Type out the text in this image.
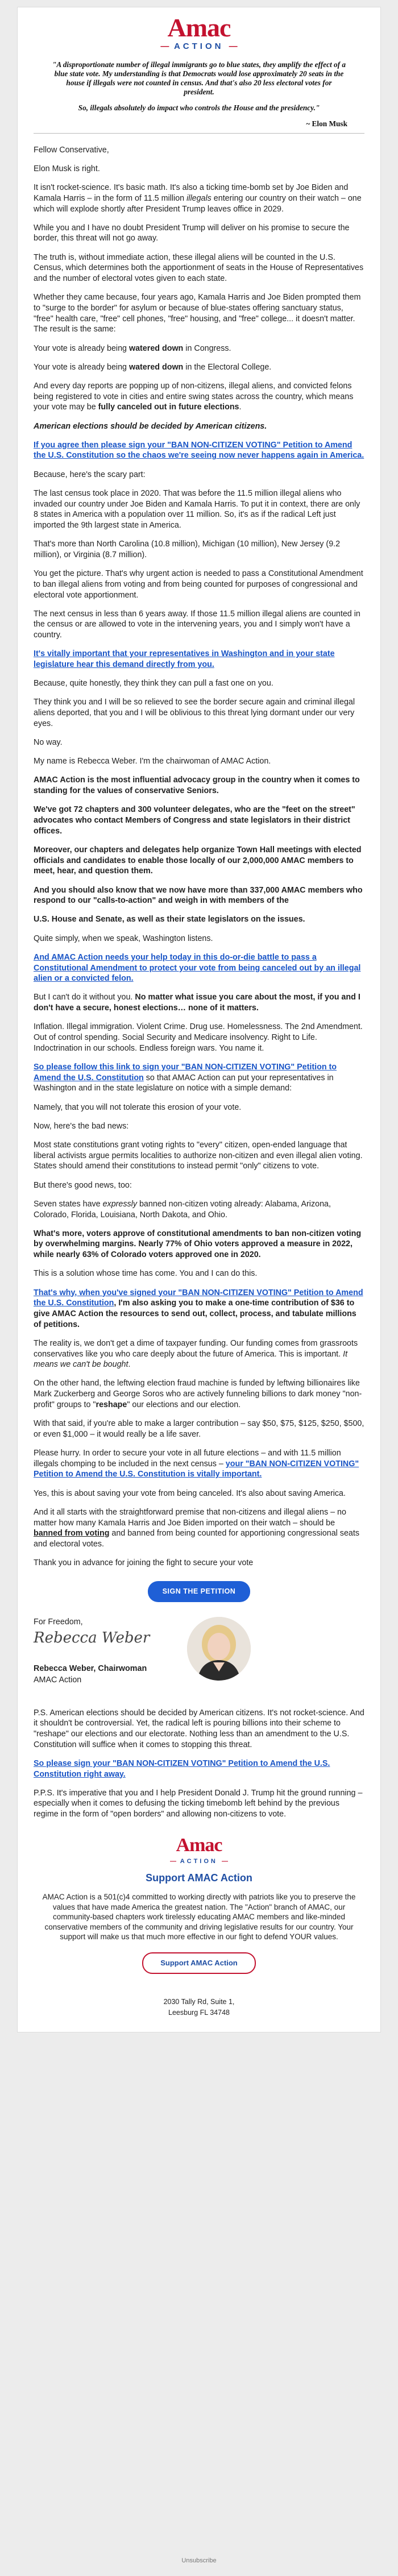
Amac
— ACTION —

"A disproportionate number of illegal immigrants go to blue states, they amplify the effect of a blue state vote. My understanding is that Democrats would lose approximately 20 seats in the house if illegals were not counted in census. And that's also 20 less electoral votes for president.

So, illegals absolutely do impact who controls the House and the presidency."

~ Elon Musk

Fellow Conservative,

Elon Musk is right.

It isn't rocket-science. It's basic math. It's also a ticking time-bomb set by Joe Biden and Kamala Harris – in the form of 11.5 million illegals entering our country on their watch – one which will explode shortly after President Trump leaves office in 2029.

While you and I have no doubt President Trump will deliver on his promise to secure the border, this threat will not go away.

The truth is, without immediate action, these illegal aliens will be counted in the U.S. Census, which determines both the apportionment of seats in the House of Representatives and the number of electoral votes given to each state.

Whether they came because, four years ago, Kamala Harris and Joe Biden prompted them to "surge to the border" for asylum or because of blue-states offering sanctuary status, "free" health care, "free" cell phones, "free" housing, and "free" college... it doesn't matter. The result is the same:

Your vote is already being watered down in Congress.

Your vote is already being watered down in the Electoral College.

And every day reports are popping up of non-citizens, illegal aliens, and convicted felons being registered to vote in cities and entire swing states across the country, which means your vote may be fully canceled out in future elections.

American elections should be decided by American citizens.

If you agree then please sign your "BAN NON-CITIZEN VOTING" Petition to Amend the U.S. Constitution so the chaos we're seeing now never happens again in America.

Because, here's the scary part:

The last census took place in 2020. That was before the 11.5 million illegal aliens who invaded our country under Joe Biden and Kamala Harris. To put it in context, there are only 8 states in America with a population over 11 million. So, it's as if the radical Left just imported the 9th largest state in America.

That's more than North Carolina (10.8 million), Michigan (10 million), New Jersey (9.2 million), or Virginia (8.7 million).

You get the picture. That's why urgent action is needed to pass a Constitutional Amendment to ban illegal aliens from voting and from being counted for purposes of congressional and electoral vote apportionment.

The next census in less than 6 years away. If those 11.5 million illegal aliens are counted in the census or are allowed to vote in the intervening years, you and I simply won't have a country.

It's vitally important that your representatives in Washington and in your state legislature hear this demand directly from you.

Because, quite honestly, they think they can pull a fast one on you.

They think you and I will be so relieved to see the border secure again and criminal illegal aliens deported, that you and I will be oblivious to this threat lying dormant under our very eyes.

No way.

My name is Rebecca Weber. I'm the chairwoman of AMAC Action.

AMAC Action is the most influential advocacy group in the country when it comes to standing for the values of conservative Seniors.

We've got 72 chapters and 300 volunteer delegates, who are the "feet on the street" advocates who contact Members of Congress and state legislators in their district offices.

Moreover, our chapters and delegates help organize Town Hall meetings with elected officials and candidates to enable those locally of our 2,000,000 AMAC members to meet, hear, and question them.

And you should also know that we now have more than 337,000 AMAC members who respond to our "calls-to-action" and weigh in with members of the

U.S. House and Senate, as well as their state legislators on the issues.

Quite simply, when we speak, Washington listens.

And AMAC Action needs your help today in this do-or-die battle to pass a Constitutional Amendment to protect your vote from being canceled out by an illegal alien or a convicted felon.

But I can't do it without you. No matter what issue you care about the most, if you and I don't have a secure, honest elections… none of it matters.

Inflation. Illegal immigration. Violent Crime. Drug use. Homelessness. The 2nd Amendment. Out of control spending. Social Security and Medicare insolvency. Right to Life. Indoctrination in our schools. Endless foreign wars. You name it.

So please follow this link to sign your "BAN NON-CITIZEN VOTING" Petition to Amend the U.S. Constitution so that AMAC Action can put your representatives in Washington and in the state legislature on notice with a simple demand:

Namely, that you will not tolerate this erosion of your vote.

Now, here's the bad news:

Most state constitutions grant voting rights to "every" citizen, open-ended language that liberal activists argue permits localities to authorize non-citizen and even illegal alien voting. States should amend their constitutions to instead permit "only" citizens to vote.

But there's good news, too:

Seven states have expressly banned non-citizen voting already: Alabama, Arizona, Colorado, Florida, Louisiana, North Dakota, and Ohio.

What's more, voters approve of constitutional amendments to ban non-citizen voting by overwhelming margins. Nearly 77% of Ohio voters approved a measure in 2022, while nearly 63% of Colorado voters approved one in 2020.

This is a solution whose time has come. You and I can do this.

That's why, when you've signed your "BAN NON-CITIZEN VOTING" Petition to Amend the U.S. Constitution, I'm also asking you to make a one-time contribution of $36 to give AMAC Action the resources to send out, collect, process, and tabulate millions of petitions.

The reality is, we don't get a dime of taxpayer funding. Our funding comes from grassroots conservatives like you who care deeply about the future of America. This is important. It means we can't be bought.

On the other hand, the leftwing election fraud machine is funded by leftwing billionaires like Mark Zuckerberg and George Soros who are actively funneling billions to dark money "non-profit" groups to "reshape" our elections and our election.

With that said, if you're able to make a larger contribution – say $50, $75, $125, $250, $500, or even $1,000 – it would really be a life saver.

Please hurry. In order to secure your vote in all future elections – and with 11.5 million illegals chomping to be included in the next census – your "BAN NON-CITIZEN VOTING" Petition to Amend the U.S. Constitution is vitally important.

Yes, this is about saving your vote from being canceled. It's also about saving America.

And it all starts with the straightforward premise that non-citizens and illegal aliens – no matter how many Kamala Harris and Joe Biden imported on their watch – should be banned from voting and banned from being counted for apportioning congressional seats and electoral votes.

Thank you in advance for joining the fight to secure your vote

SIGN THE PETITION
For Freedom,
Rebecca Weber
Rebecca Weber, Chairwoman
AMAC Action

P.S. American elections should be decided by American citizens. It's not rocket-science. And it shouldn't be controversial. Yet, the radical left is pouring billions into their scheme to "reshape" our elections and our electorate. Nothing less than an amendment to the U.S. Constitution will suffice when it comes to stopping this threat.

So please sign your "BAN NON-CITIZEN VOTING" Petition to Amend the U.S. Constitution right away.

P.P.S. It's imperative that you and I help President Donald J. Trump hit the ground running – especially when it comes to defusing the ticking timebomb left behind by the previous regime in the form of "open borders" and allowing non-citizens to vote.

Amac
— ACTION —
Support AMAC Action
AMAC Action is a 501(c)4 committed to working directly with patriots like you to preserve the values that have made America the greatest nation. The "Action" branch of AMAC, our community-based chapters work tirelessly educating AMAC members and like-minded conservative members of the community and driving legislative results for our country. Your support will make us that much more effective in our fight to defend YOUR values.
Support AMAC Action
2030 Tally Rd, Suite 1,
Leesburg FL 34748
Unsubscribe
